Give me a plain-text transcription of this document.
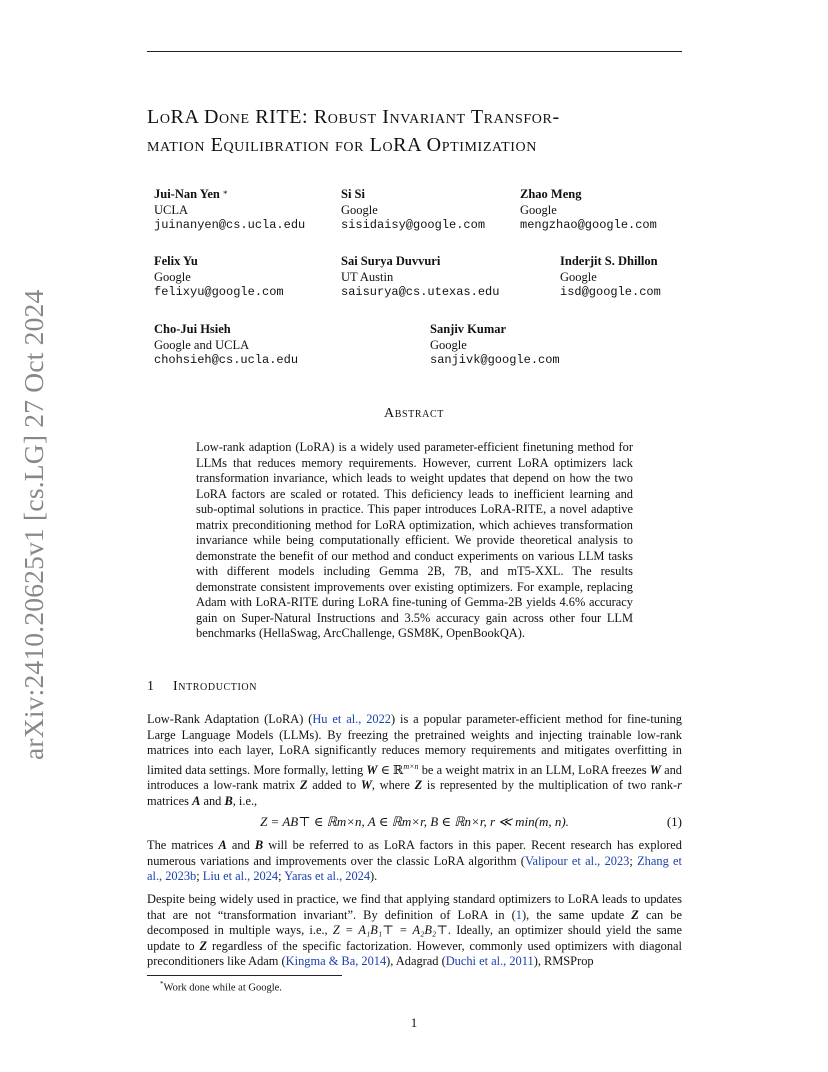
arXiv:2410.20625v1 [cs.LG] 27 Oct 2024
LoRA Done RITE: Robust Invariant Transfor-
mation Equilibration for LoRA Optimization
Jui-Nan Yen *
UCLA
juinanyen@cs.ucla.edu
Si Si
Google
sisidaisy@google.com
Zhao Meng
Google
mengzhao@google.com
Felix Yu
Google
felixyu@google.com
Sai Surya Duvvuri
UT Austin
saisurya@cs.utexas.edu
Inderjit S. Dhillon
Google
isd@google.com
Cho-Jui Hsieh
Google and UCLA
chohsieh@cs.ucla.edu
Sanjiv Kumar
Google
sanjivk@google.com
Abstract
Low-rank adaption (LoRA) is a widely used parameter-efficient finetuning method for LLMs that reduces memory requirements. However, current LoRA optimizers lack transformation invariance, which leads to weight updates that depend on how the two LoRA factors are scaled or rotated. This deficiency leads to inefficient learning and sub-optimal solutions in practice. This paper introduces LoRA-RITE, a novel adaptive matrix preconditioning method for LoRA optimization, which achieves transformation invariance while being computationally efficient. We provide theoretical analysis to demonstrate the benefit of our method and conduct experiments on various LLM tasks with different models including Gemma 2B, 7B, and mT5-XXL. The results demonstrate consistent improvements over existing optimizers. For example, replacing Adam with LoRA-RITE during LoRA fine-tuning of Gemma-2B yields 4.6% accuracy gain on Super-Natural Instructions and 3.5% accuracy gain across other four LLM benchmarks (HellaSwag, ArcChallenge, GSM8K, OpenBookQA).
1 Introduction
Low-Rank Adaptation (LoRA) (Hu et al., 2022) is a popular parameter-efficient method for fine-tuning Large Language Models (LLMs). By freezing the pretrained weights and injecting trainable low-rank matrices into each layer, LoRA significantly reduces memory requirements and mitigates overfitting in limited data settings. More formally, letting W ∈ ℝ$^{m\times n}$ be a weight matrix in an LLM, LoRA freezes W and introduces a low-rank matrix Z added to W, where Z is represented by the multiplication of two rank-r matrices A and B, i.e.,
Z = AB⊤ ∈ ℝm×n, A ∈ ℝm×r, B ∈ ℝn×r, r ≪ min(m, n).	(1)
The matrices A and B will be referred to as LoRA factors in this paper. Recent research has explored numerous variations and improvements over the classic LoRA algorithm (Valipour et al., 2023; Zhang et al., 2023b; Liu et al., 2024; Yaras et al., 2024).
Despite being widely used in practice, we find that applying standard optimizers to LoRA leads to updates that are not “transformation invariant”. By definition of LoRA in (1), the same update Z can be decomposed in multiple ways, i.e., Z = A₁B₁⊤ = A₂B₂⊤. Ideally, an optimizer should yield the same update to Z regardless of the specific factorization. However, commonly used optimizers with diagonal preconditioners like Adam (Kingma & Ba, 2014), Adagrad (Duchi et al., 2011), RMSProp
*Work done while at Google.
1
